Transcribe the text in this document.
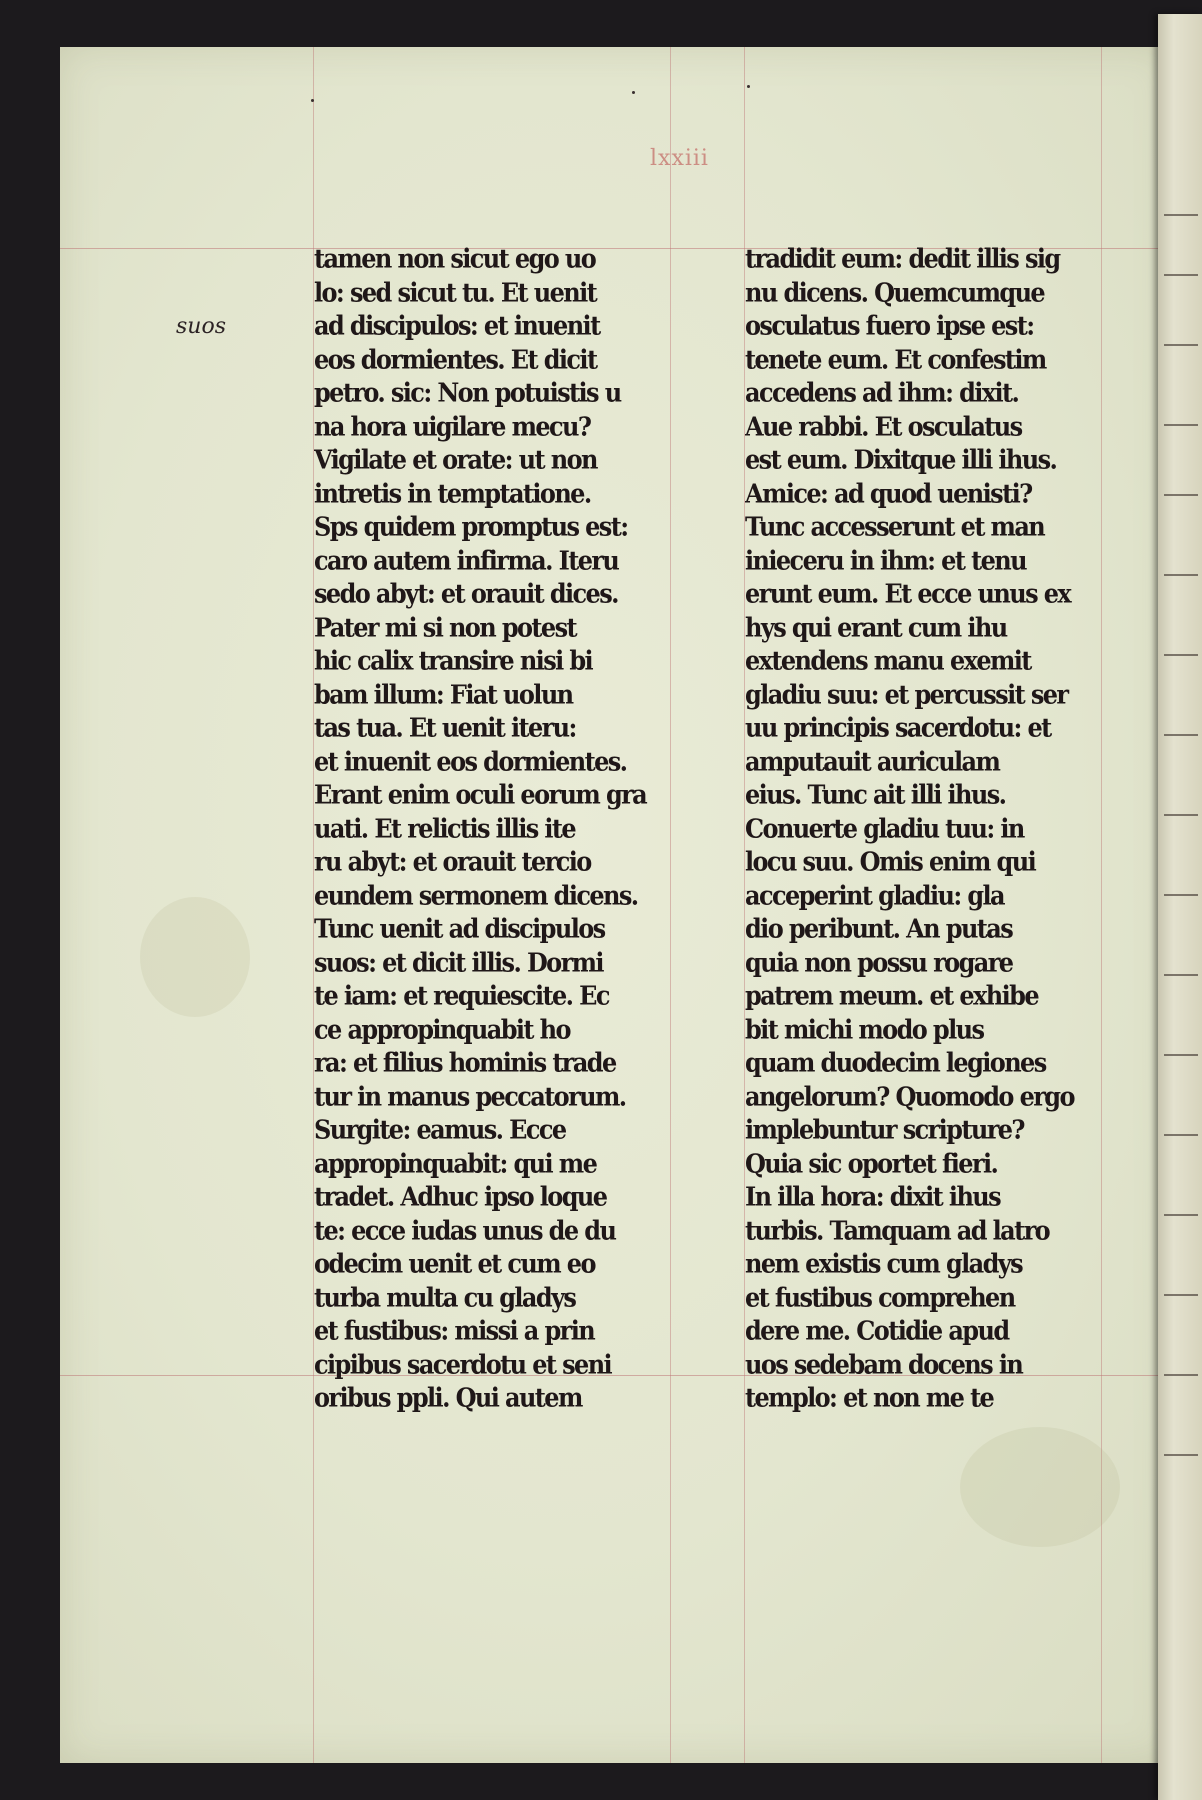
lxxiii
suos
tamen non sicut ego uo
lo: sed sicut tu. Et uenit
ad discipulos: et inuenit
eos dormientes. Et dicit
petro. sic: Non potuistis u
na hora uigilare mecu?
Vigilate et orate: ut non
intretis in temptatione.
Sps quidem promptus est:
caro autem infirma. Iteru
sedo abyt: et orauit dices.
Pater mi si non potest
hic calix transire nisi bi
bam illum: Fiat uolun
tas tua. Et uenit iteru:
et inuenit eos dormientes.
Erant enim oculi eorum gra
uati. Et relictis illis ite
ru abyt: et orauit tercio
eundem sermonem dicens.
Tunc uenit ad discipulos
suos: et dicit illis. Dormi
te iam: et requiescite. Ec
ce appropinquabit ho
ra: et filius hominis trade
tur in manus peccatorum.
Surgite: eamus. Ecce
appropinquabit: qui me
tradet. Adhuc ipso loque
te: ecce iudas unus de du
odecim uenit et cum eo
turba multa cu gladys
et fustibus: missi a prin
cipibus sacerdotu et seni
oribus ppli. Qui autem
tradidit eum: dedit illis sig
nu dicens. Quemcumque
osculatus fuero ipse est:
tenete eum. Et confestim
accedens ad ihm: dixit.
Aue rabbi. Et osculatus
est eum. Dixitque illi ihus.
Amice: ad quod uenisti?
Tunc accesserunt et man
inieceru in ihm: et tenu
erunt eum. Et ecce unus ex
hys qui erant cum ihu
extendens manu exemit
gladiu suu: et percussit ser
uu principis sacerdotu: et
amputauit auriculam
eius. Tunc ait illi ihus.
Conuerte gladiu tuu: in
locu suu. Omis enim qui
acceperint gladiu: gla
dio peribunt. An putas
quia non possu rogare
patrem meum. et exhibe
bit michi modo plus
quam duodecim legiones
angelorum? Quomodo ergo
implebuntur scripture?
Quia sic oportet fieri.
In illa hora: dixit ihus
turbis. Tamquam ad latro
nem existis cum gladys
et fustibus comprehen
dere me. Cotidie apud
uos sedebam docens in
templo: et non me te
